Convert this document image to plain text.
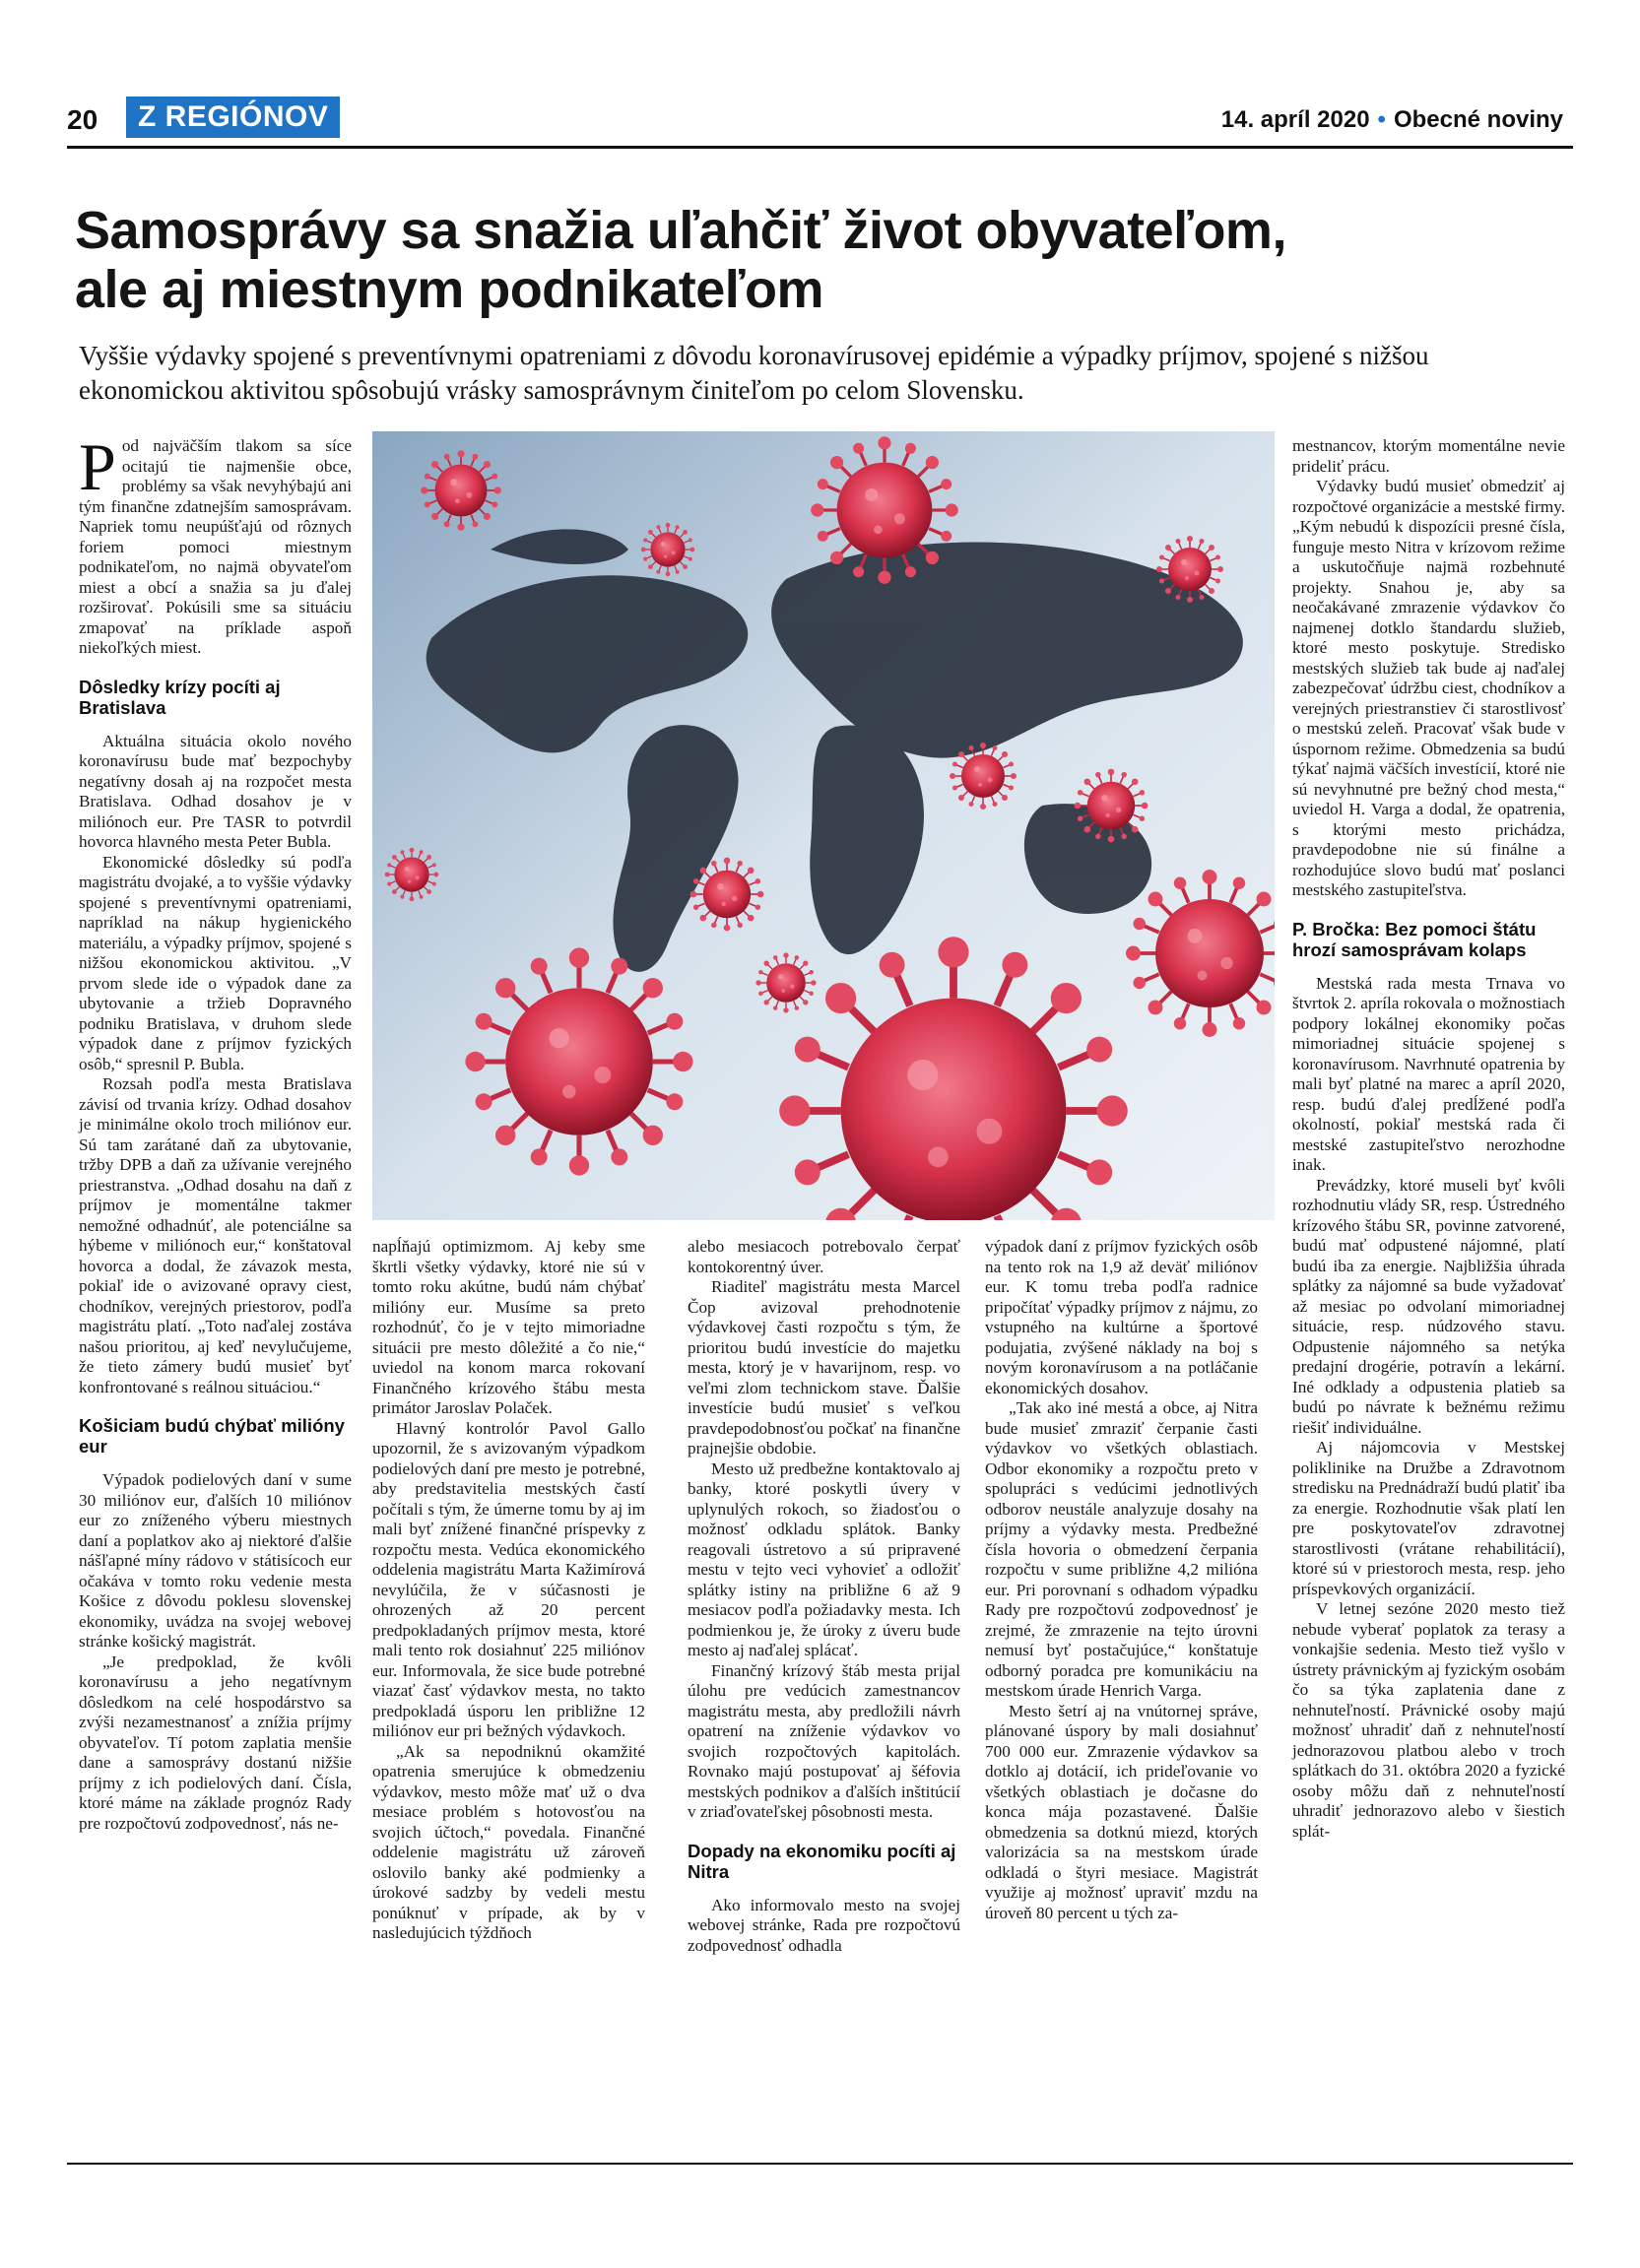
20	Z REGIÓNOV	14. apríl 2020 • Obecné noviny
Samosprávy sa snažia uľahčiť život obyvateľom,
ale aj miestnym podnikateľom
Vyššie výdavky spojené s preventívnymi opatreniami z dôvodu koronavírusovej epidémie a výpadky príjmov, spojené s nižšou
ekonomickou aktivitou spôsobujú vrásky samosprávnym činiteľom po celom Slovensku.

Pod najväčším tlakom sa síce ocitajú tie najmenšie obce, problémy sa však nevyhýbajú ani tým finančne zdatnejším samosprávam. Napriek tomu neupúšťajú od rôznych foriem pomoci miestnym podnikateľom, no najmä obyvateľom miest a obcí a snažia sa ju ďalej rozširovať. Pokúsili sme sa situáciu zmapovať na príklade aspoň niekoľkých miest.

Dôsledky krízy pocíti aj Bratislava

Aktuálna situácia okolo nového koronavírusu bude mať bezpochyby negatívny dosah aj na rozpočet mesta Bratislava. Odhad dosahov je v miliónoch eur. Pre TASR to potvrdil hovorca hlavného mesta Peter Bubla.

Ekonomické dôsledky sú podľa magistrátu dvojaké, a to vyššie výdavky spojené s preventívnymi opatreniami, napríklad na nákup hygienického materiálu, a výpadky príjmov, spojené s nižšou ekonomickou aktivitou. „V prvom slede ide o výpadok dane za ubytovanie a tržieb Dopravného podniku Bratislava, v druhom slede výpadok dane z príjmov fyzických osôb,“ spresnil P. Bubla.

Rozsah podľa mesta Bratislava závisí od trvania krízy. Odhad dosahov je minimálne okolo troch miliónov eur. Sú tam zarátané daň za ubytovanie, tržby DPB a daň za užívanie verejného priestranstva. „Odhad dosahu na daň z príjmov je momentálne takmer nemožné odhadnúť, ale potenciálne sa hýbeme v miliónoch eur,“ konštatoval hovorca a dodal, že závazok mesta, pokiaľ ide o avizované opravy ciest, chodníkov, verejných priestorov, podľa magistrátu platí. „Toto naďalej zostáva našou prioritou, aj keď nevylučujeme, že tieto zámery budú musieť byť konfrontované s reálnou situáciou.“

Košiciam budú chýbať milióny eur

Výpadok podielových daní v sume 30 miliónov eur, ďalších 10 miliónov eur zo zníženého výberu miestnych daní a poplatkov ako aj niektoré ďalšie nášľapné míny rádovo v státisícoch eur očakáva v tomto roku vedenie mesta Košice z dôvodu poklesu slovenskej ekonomiky, uvádza na svojej webovej stránke košický magistrát.

„Je predpoklad, že kvôli koronavírusu a jeho negatívnym dôsledkom na celé hospodárstvo sa zvýši nezamestnanosť a znížia príjmy obyvateľov. Tí potom zaplatia menšie dane a samosprávy dostanú nižšie príjmy z ich podielových daní. Čísla, ktoré máme na základe prognóz Rady pre rozpočtovú zodpovednosť, nás ne-

napĺňajú optimizmom. Aj keby sme škrtli všetky výdavky, ktoré nie sú v tomto roku akútne, budú nám chýbať milióny eur. Musíme sa preto rozhodnúť, čo je v tejto mimoriadne situácii pre mesto dôležité a čo nie,“ uviedol na konom marca rokovaní Finančného krízového štábu mesta primátor Jaroslav Polaček.

Hlavný kontrolór Pavol Gallo upozornil, že s avizovaným výpadkom podielových daní pre mesto je potrebné, aby predstavitelia mestských častí počítali s tým, že úmerne tomu by aj im mali byť znížené finančné príspevky z rozpočtu mesta. Vedúca ekonomického oddelenia magistrátu Marta Kažimírová nevylúčila, že v súčasnosti je ohrozených až 20 percent predpokladaných príjmov mesta, ktoré mali tento rok dosiahnuť 225 miliónov eur. Informovala, že sice bude potrebné viazať časť výdavkov mesta, no takto predpokladá úsporu len približne 12 miliónov eur pri bežných výdavkoch.

„Ak sa nepodniknú okamžité opatrenia smerujúce k obmedzeniu výdavkov, mesto môže mať už o dva mesiace problém s hotovosťou na svojich účtoch,“ povedala. Finančné oddelenie magistrátu už zároveň oslovilo banky aké podmienky a úrokové sadzby by vedeli mestu ponúknuť v prípade, ak by v nasledujúcich týždňoch

alebo mesiacoch potrebovalo čerpať kontokorentný úver.

Riaditeľ magistrátu mesta Marcel Čop avizoval prehodnotenie výdavkovej časti rozpočtu s tým, že prioritou budú investície do majetku mesta, ktorý je v havarijnom, resp. vo veľmi zlom technickom stave. Ďalšie investície budú musieť s veľkou pravdepodobnosťou počkať na finančne prajnejšie obdobie.

Mesto už predbežne kontaktovalo aj banky, ktoré poskytli úvery v uplynulých rokoch, so žiadosťou o možnosť odkladu splátok. Banky reagovali ústretovo a sú pripravené mestu v tejto veci vyhovieť a odložiť splátky istiny na približne 6 až 9 mesiacov podľa požiadavky mesta. Ich podmienkou je, že úroky z úveru bude mesto aj naďalej splácať.

Finančný krízový štáb mesta prijal úlohu pre vedúcich zamestnancov magistrátu mesta, aby predložili návrh opatrení na zníženie výdavkov vo svojich rozpočtových kapitolách. Rovnako majú postupovať aj šéfovia mestských podnikov a ďalších inštitúcií v zriaďovateľskej pôsobnosti mesta.

Dopady na ekonomiku pocíti aj Nitra

Ako informovalo mesto na svojej webovej stránke, Rada pre rozpočtovú zodpovednosť odhadla

výpadok daní z príjmov fyzických osôb na tento rok na 1,9 až deväť miliónov eur. K tomu treba podľa radnice pripočítať výpadky príjmov z nájmu, zo vstupného na kultúrne a športové podujatia, zvýšené náklady na boj s novým koronavírusom a na potláčanie ekonomických dosahov.

„Tak ako iné mestá a obce, aj Nitra bude musieť zmraziť čerpanie časti výdavkov vo všetkých oblastiach. Odbor ekonomiky a rozpočtu preto v spolupráci s vedúcimi jednotlivých odborov neustále analyzuje dosahy na príjmy a výdavky mesta. Predbežné čísla hovoria o obmedzení čerpania rozpočtu v sume približne 4,2 milióna eur. Pri porovnaní s odhadom výpadku Rady pre rozpočtovú zodpovednosť je zrejmé, že zmrazenie na tejto úrovni nemusí byť postačujúce,“ konštatuje odborný poradca pre komunikáciu na mestskom úrade Henrich Varga.

Mesto šetrí aj na vnútornej správe, plánované úspory by mali dosiahnuť 700 000 eur. Zmrazenie výdavkov sa dotklo aj dotácií, ich prideľovanie vo všetkých oblastiach je dočasne do konca mája pozastavené. Ďalšie obmedzenia sa dotknú miezd, ktorých valorizácia sa na mestskom úrade odkladá o štyri mesiace. Magistrát využije aj možnosť upraviť mzdu na úroveň 80 percent u tých za-

mestnancov, ktorým momentálne nevie prideliť prácu.

Výdavky budú musieť obmedziť aj rozpočtové organizácie a mestské firmy. „Kým nebudú k dispozícii presné čísla, funguje mesto Nitra v krízovom režime a uskutočňuje najmä rozbehnuté projekty. Snahou je, aby sa neočakávané zmrazenie výdavkov čo najmenej dotklo štandardu služieb, ktoré mesto poskytuje. Stredisko mestských služieb tak bude aj naďalej zabezpečovať údržbu ciest, chodníkov a verejných priestranstiev či starostlivosť o mestskú zeleň. Pracovať však bude v úspornom režime. Obmedzenia sa budú týkať najmä väčších investícií, ktoré nie sú nevyhnutné pre bežný chod mesta,“ uviedol H. Varga a dodal, že opatrenia, s ktorými mesto prichádza, pravdepodobne nie sú finálne a rozhodujúce slovo budú mať poslanci mestského zastupiteľstva.

P. Bročka: Bez pomoci štátu hrozí samosprávam kolaps

Mestská rada mesta Trnava vo štvrtok 2. apríla rokovala o možnostiach podpory lokálnej ekonomiky počas mimoriadnej situácie spojenej s koronavírusom. Navrhnuté opatrenia by mali byť platné na marec a apríl 2020, resp. budú ďalej predĺžené podľa okolností, pokiaľ mestská rada či mestské zastupiteľstvo nerozhodne inak.

Prevádzky, ktoré museli byť kvôli rozhodnutiu vlády SR, resp. Ústredného krízového štábu SR, povinne zatvorené, budú mať odpustené nájomné, platí budú iba za energie. Najbližšia úhrada splátky za nájomné sa bude vyžadovať až mesiac po odvolaní mimoriadnej situácie, resp. núdzového stavu. Odpustenie nájomného sa netýka predajní drogérie, potravín a lekární. Iné odklady a odpustenia platieb sa budú po návrate k bežnému režimu riešiť individuálne.

Aj nájomcovia v Mestskej poliklinike na Družbe a Zdravotnom stredisku na Prednádraží budú platiť iba za energie. Rozhodnutie však platí len pre poskytovateľov zdravotnej starostlivosti (vrátane rehabilitácií), ktoré sú v priestoroch mesta, resp. jeho príspevkových organizácií.

V letnej sezóne 2020 mesto tiež nebude vyberať poplatok za terasy a vonkajšie sedenia. Mesto tiež vyšlo v ústrety právnickým aj fyzickým osobám čo sa týka zaplatenia dane z nehnuteľností. Právnické osoby majú možnosť uhradiť daň z nehnuteľností jednorazovou platbou alebo v troch splátkach do 31. októbra 2020 a fyzické osoby môžu daň z nehnuteľností uhradiť jednorazovo alebo v šiestich splát-
